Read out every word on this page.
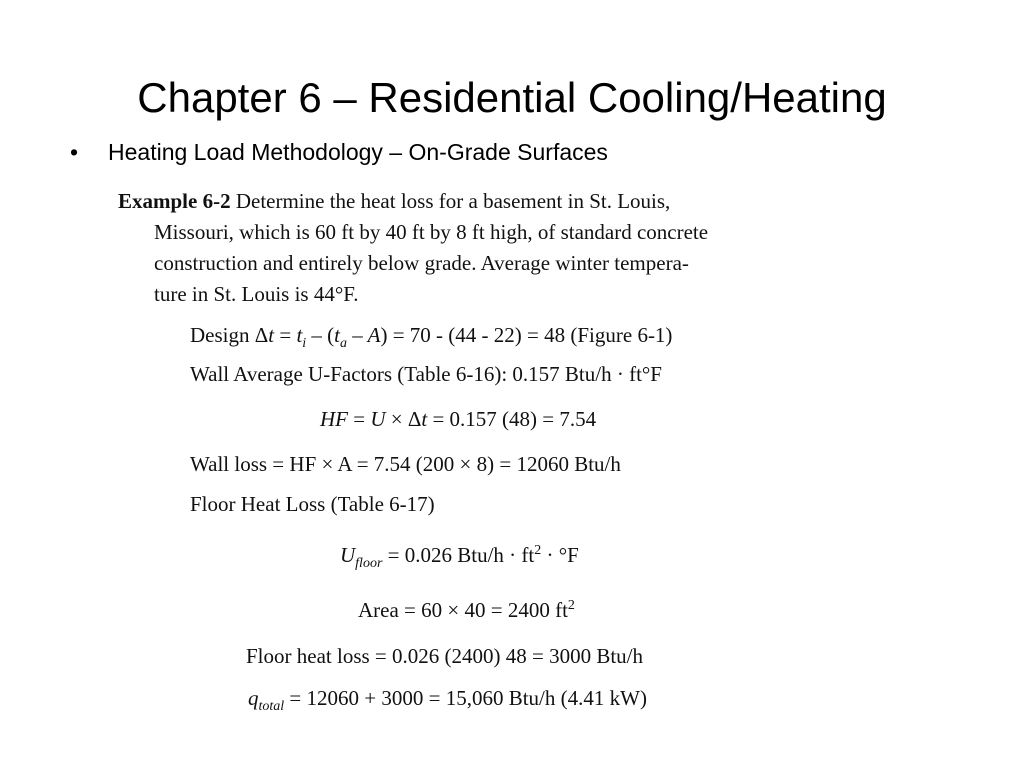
Chapter 6 – Residential Cooling/Heating
• Heating Load Methodology – On-Grade Surfaces
Example 6-2 Determine the heat loss for a basement in St. Louis,
Missouri, which is 60 ft by 40 ft by 8 ft high, of standard concrete
construction and entirely below grade. Average winter tempera-
ture in St. Louis is 44°F.
Design $\Delta t = t_i - (t_a - A) = 70 - (44 - 22) = 48$ (Figure 6-1)
Wall Average U-Factors (Table 6-16): 0.157 Btu/h · ft°F
HF = U × Δt = 0.157 (48) = 7.54
Wall loss = HF × A = 7.54 (200 × 8) = 12060 Btu/h
Floor Heat Loss (Table 6-17)
$U_{floor} = 0.026$ $Btu/h \cdot ft^2 \cdot ^\circ F$
Area = 60 × 40 = 2400 $ft^2$
Floor heat loss = 0.026 (2400) 48 = 3000 Btu/h
$q_{total} = 12060 + 3000 = 15,060$ Btu/h (4.41 kW)
